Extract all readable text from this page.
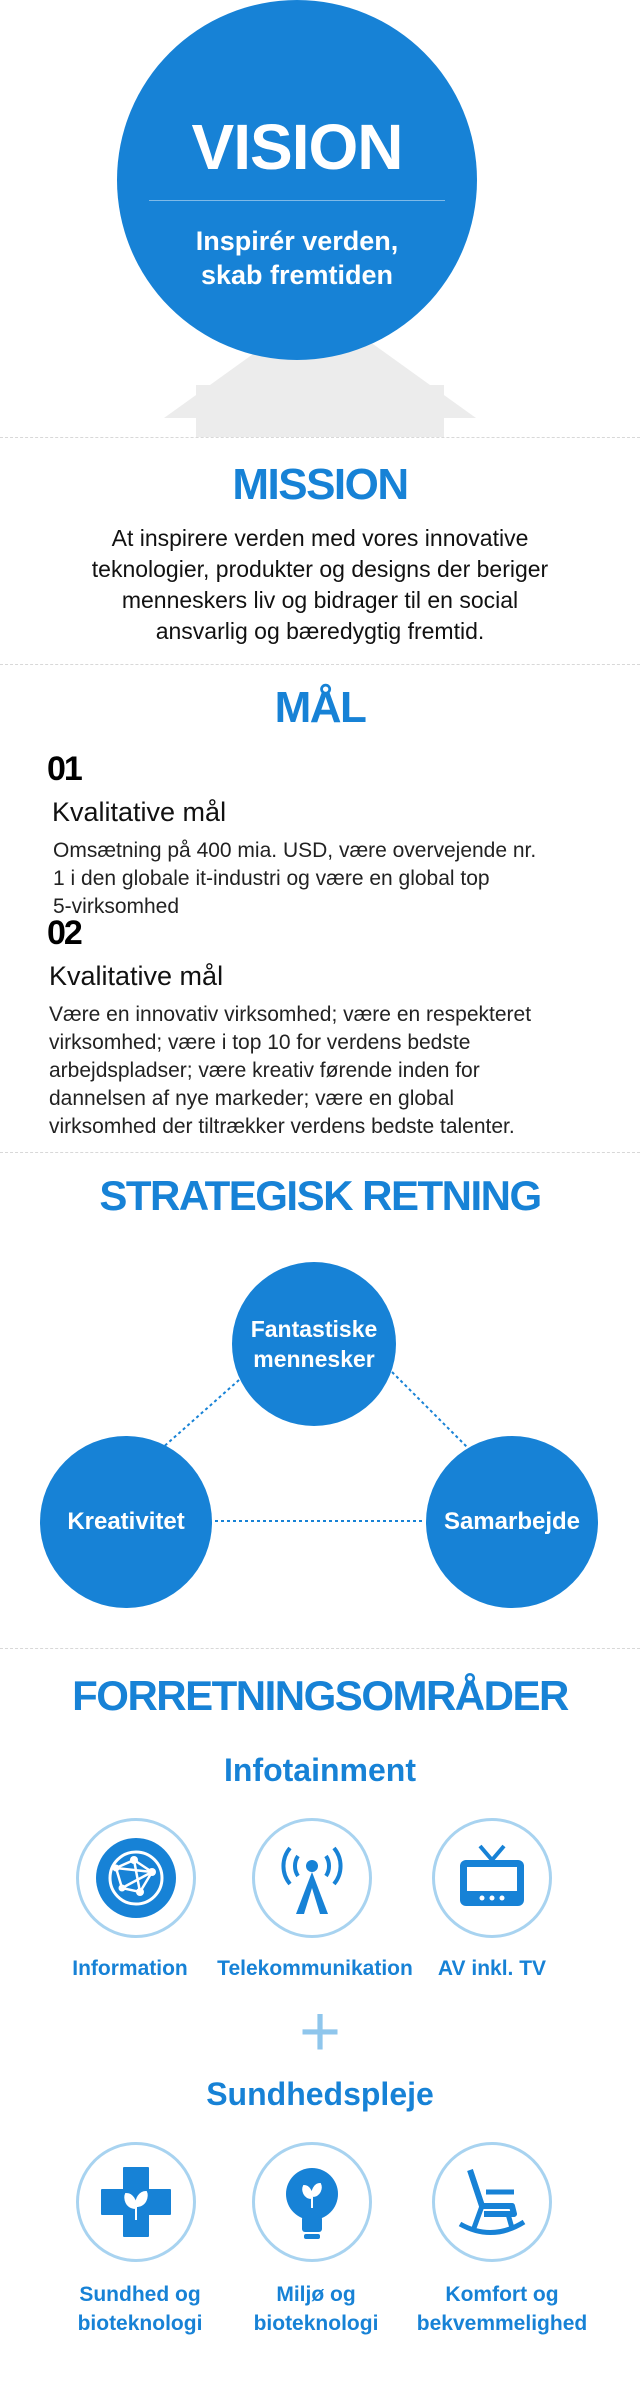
VISION
Inspirér verden,
skab fremtiden
MISSION
At inspirere verden med vores innovative
teknologier, produkter og designs der beriger
menneskers liv og bidrager til en social
ansvarlig og bæredygtig fremtid.
MÅL
01
Kvalitative mål
Omsætning på 400 mia. USD, være overvejende nr.
1 i den globale it-industri og være en global top
5-virksomhed
02
Kvalitative mål
Være en innovativ virksomhed; være en respekteret
virksomhed; være i top 10 for verdens bedste
arbejdspladser; være kreativ førende inden for
dannelsen af nye markeder; være en global
virksomhed der tiltrækker verdens bedste talenter.
STRATEGISK RETNING
Fantastiske
mennesker
Kreativitet	Samarbejde
FORRETNINGSOMRÅDER
Infotainment
Information	Telekommunikation	AV inkl. TV
+
Sundhedspleje
Sundhed og
bioteknologi
Miljø og
bioteknologi
Komfort og
bekvemmelighed
